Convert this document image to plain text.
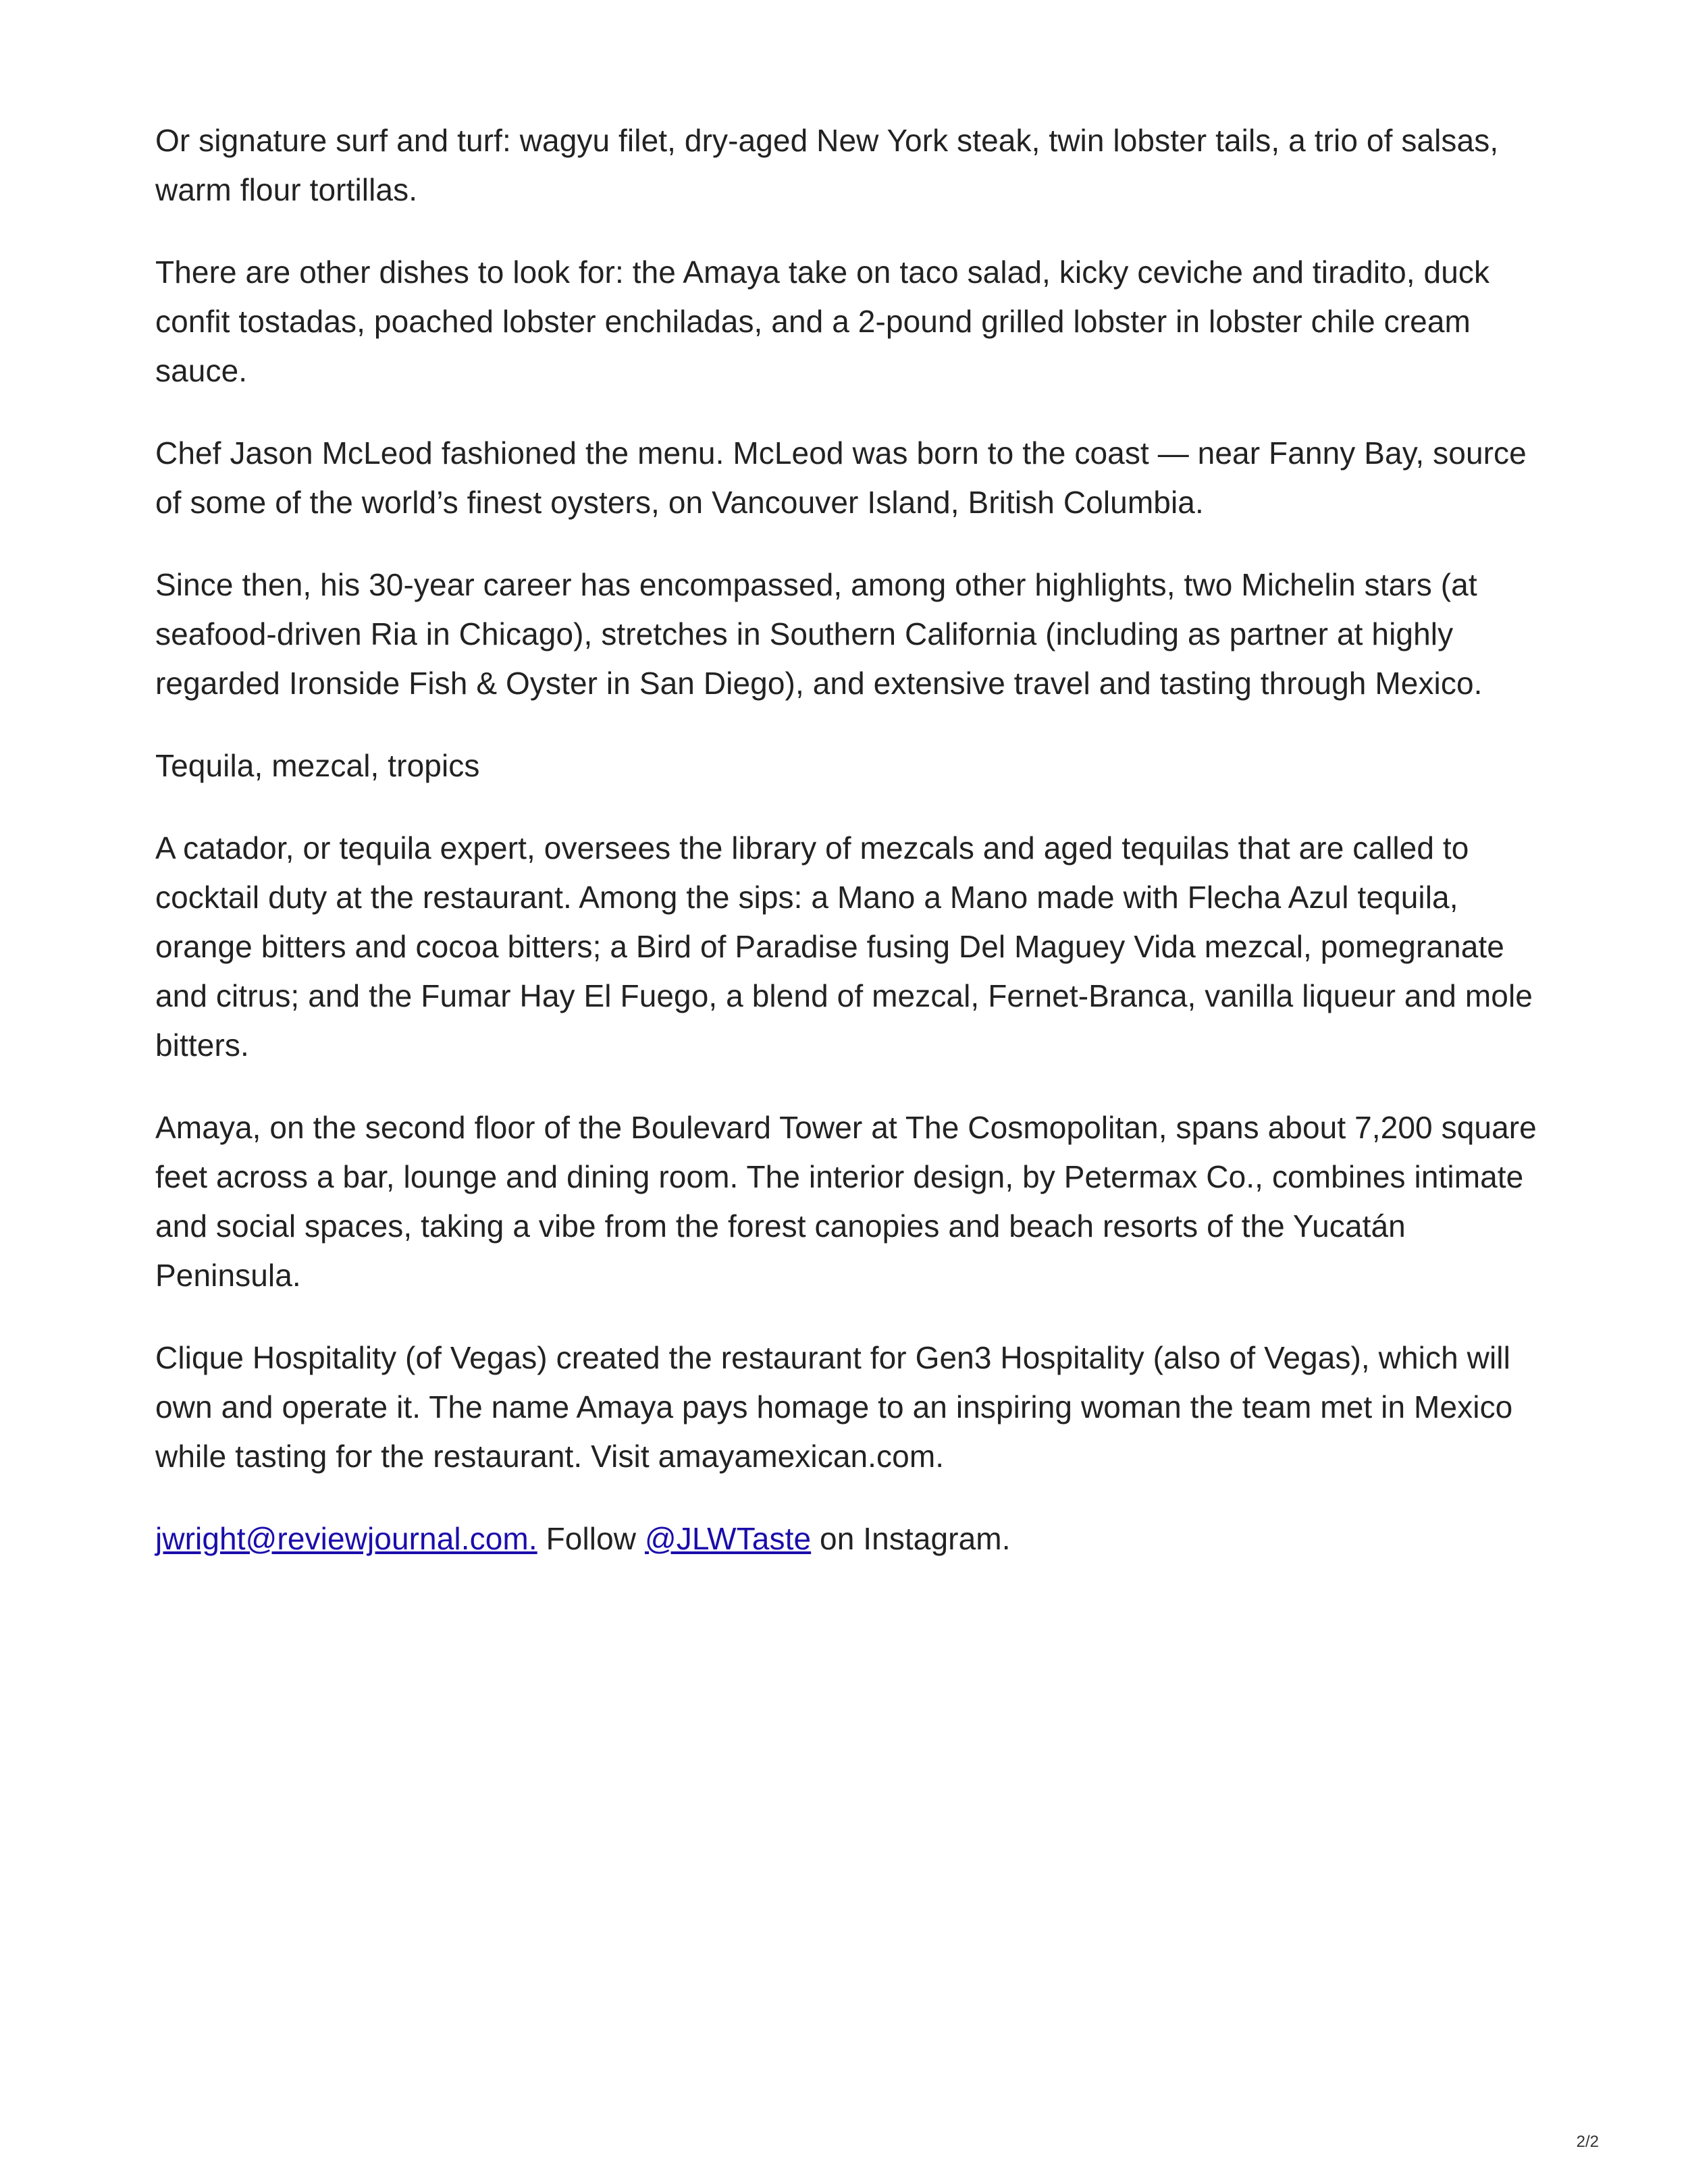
Or signature surf and turf: wagyu filet, dry-aged New York steak, twin lobster tails, a trio of salsas, warm flour tortillas.

There are other dishes to look for: the Amaya take on taco salad, kicky ceviche and tiradito, duck confit tostadas, poached lobster enchiladas, and a 2-pound grilled lobster in lobster chile cream sauce.

Chef Jason McLeod fashioned the menu. McLeod was born to the coast — near Fanny Bay, source of some of the world’s finest oysters, on Vancouver Island, British Columbia.

Since then, his 30-year career has encompassed, among other highlights, two Michelin stars (at seafood-driven Ria in Chicago), stretches in Southern California (including as partner at highly regarded Ironside Fish & Oyster in San Diego), and extensive travel and tasting through Mexico.

Tequila, mezcal, tropics

A catador, or tequila expert, oversees the library of mezcals and aged tequilas that are called to cocktail duty at the restaurant. Among the sips: a Mano a Mano made with Flecha Azul tequila, orange bitters and cocoa bitters; a Bird of Paradise fusing Del Maguey Vida mezcal, pomegranate and citrus; and the Fumar Hay El Fuego, a blend of mezcal, Fernet-Branca, vanilla liqueur and mole bitters.

Amaya, on the second floor of the Boulevard Tower at The Cosmopolitan, spans about 7,200 square feet across a bar, lounge and dining room. The interior design, by Petermax Co., combines intimate and social spaces, taking a vibe from the forest canopies and beach resorts of the Yucatán Peninsula.

Clique Hospitality (of Vegas) created the restaurant for Gen3 Hospitality (also of Vegas), which will own and operate it. The name Amaya pays homage to an inspiring woman the team met in Mexico while tasting for the restaurant. Visit amayamexican.com.

jwright@reviewjournal.com. Follow @JLWTaste on Instagram.

2/2
